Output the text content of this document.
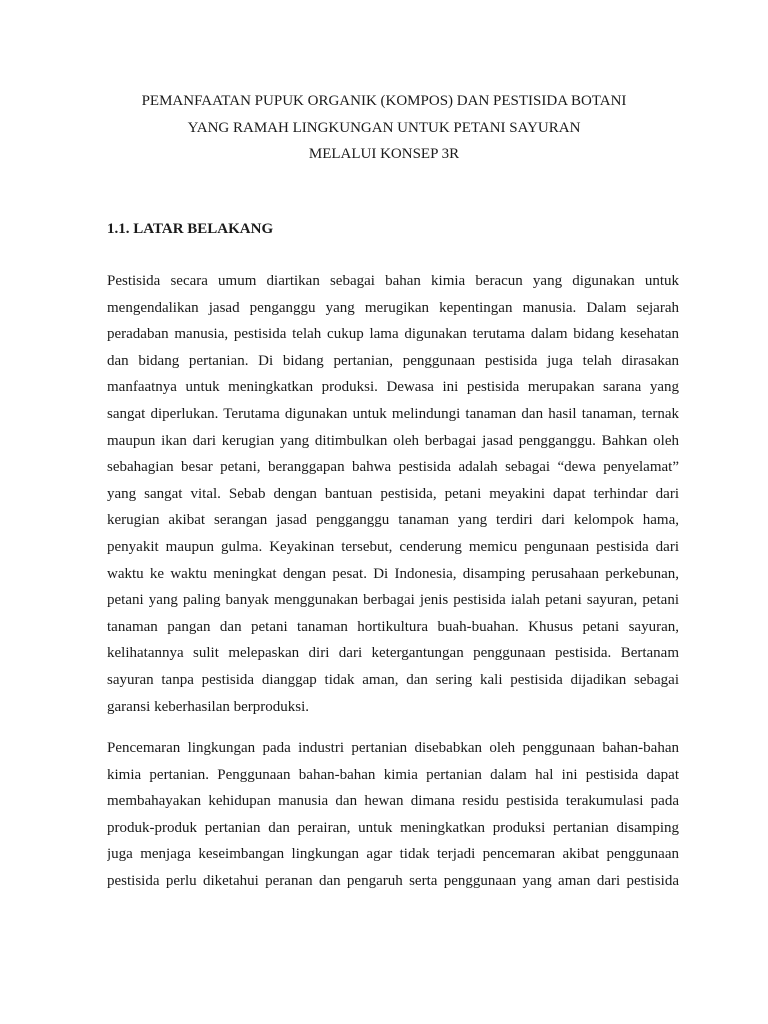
PEMANFAATAN PUPUK ORGANIK (KOMPOS) DAN PESTISIDA BOTANI
YANG RAMAH LINGKUNGAN UNTUK PETANI SAYURAN
MELALUI KONSEP 3R
1.1. LATAR BELAKANG
Pestisida secara umum diartikan sebagai bahan kimia beracun yang digunakan untuk
mengendalikan jasad penganggu yang merugikan kepentingan manusia. Dalam sejarah
peradaban manusia, pestisida telah cukup lama digunakan terutama dalam bidang kesehatan
dan bidang pertanian. Di bidang pertanian, penggunaan pestisida juga telah dirasakan
manfaatnya untuk meningkatkan produksi. Dewasa ini pestisida merupakan sarana yang
sangat diperlukan. Terutama digunakan untuk melindungi tanaman dan hasil tanaman, ternak
maupun ikan dari kerugian yang ditimbulkan oleh berbagai jasad pengganggu. Bahkan oleh
sebahagian besar petani, beranggapan bahwa pestisida adalah sebagai “dewa penyelamat”
yang sangat vital. Sebab dengan bantuan pestisida, petani meyakini dapat terhindar dari
kerugian akibat serangan jasad pengganggu tanaman yang terdiri dari kelompok hama,
penyakit maupun gulma. Keyakinan tersebut, cenderung memicu pengunaan pestisida dari
waktu ke waktu meningkat dengan pesat. Di Indonesia, disamping perusahaan perkebunan,
petani yang paling banyak menggunakan berbagai jenis pestisida ialah petani sayuran, petani
tanaman pangan dan petani tanaman hortikultura buah-buahan. Khusus petani sayuran,
kelihatannya sulit melepaskan diri dari ketergantungan penggunaan pestisida. Bertanam
sayuran tanpa pestisida dianggap tidak aman, dan sering kali pestisida dijadikan sebagai
garansi keberhasilan berproduksi.
Pencemaran lingkungan pada industri pertanian disebabkan oleh penggunaan bahan-bahan
kimia pertanian. Penggunaan bahan-bahan kimia pertanian dalam hal ini pestisida dapat
membahayakan kehidupan manusia dan hewan dimana residu pestisida terakumulasi pada
produk-produk pertanian dan perairan, untuk meningkatkan produksi pertanian disamping
juga menjaga keseimbangan lingkungan agar tidak terjadi pencemaran akibat penggunaan
pestisida perlu diketahui peranan dan pengaruh serta penggunaan yang aman dari pestisida
